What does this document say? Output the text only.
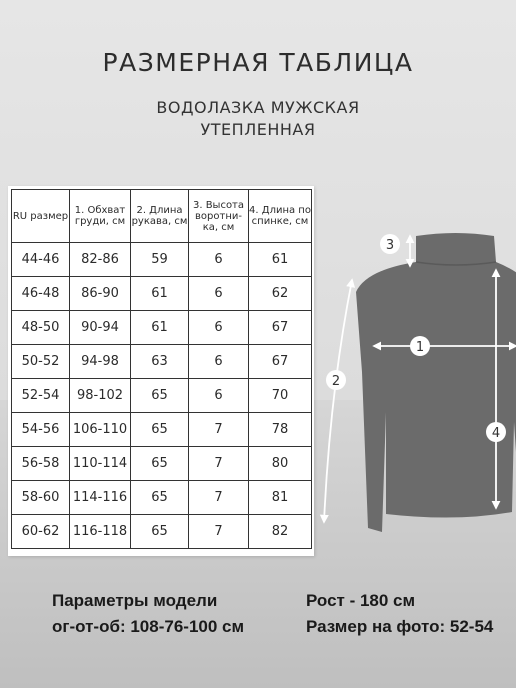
РАЗМЕРНАЯ ТАБЛИЦА
ВОДОЛАЗКА МУЖСКАЯ
УТЕПЛЕННАЯ
RU размер	1. Обхват груди, см	2. Длина рукава, см	3. Высота воротни-ка, см	4. Длина по спинке, см
44-46	82-86	59	6	61
46-48	86-90	61	6	62
48-50	90-94	61	6	67
50-52	94-98	63	6	67
52-54	98-102	65	6	70
54-56	106-110	65	7	78
56-58	110-114	65	7	80
58-60	114-116	65	7	81
60-62	116-118	65	7	82
3
1
2
4
Параметры модели
ог-от-об: 108-76-100 см
Рост - 180 см
Размер на фото: 52-54
